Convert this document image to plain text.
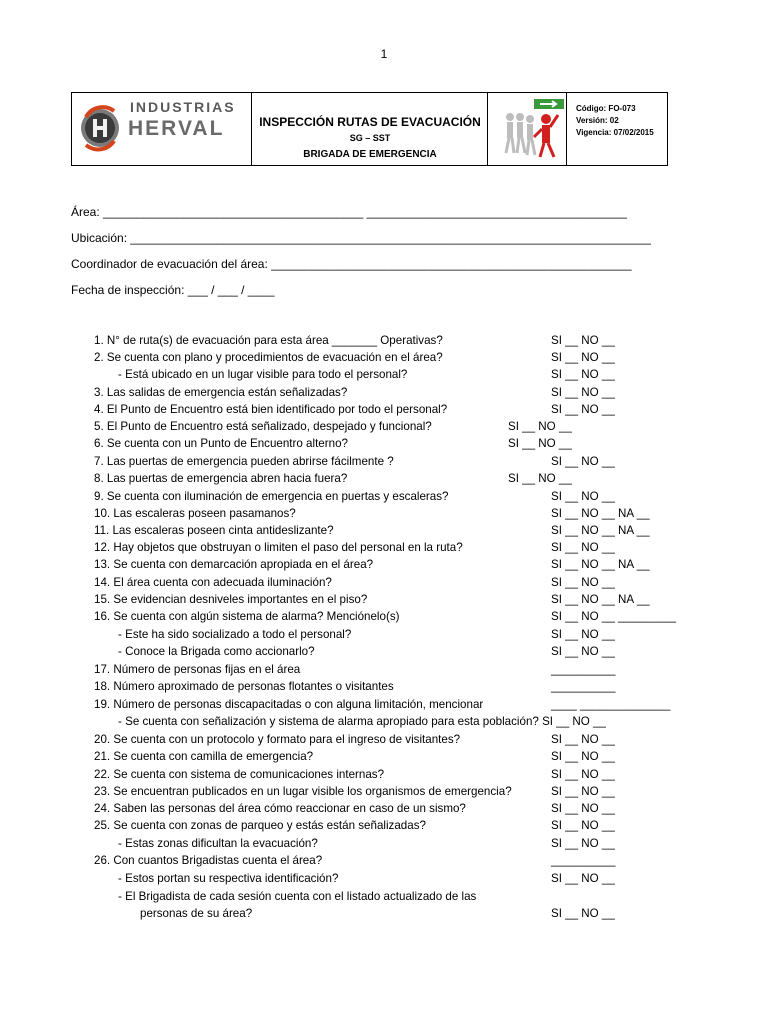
1
INDUSTRIAS
HERVAL	INSPECCIÓN RUTAS DE EVACUACIÓN
SG – SST
BRIGADA DE EMERGENCIA
Código: FO-073
Versión: 02
Vigencia: 07/02/2015
Área: _______________________________________ _______________________________________
Ubicación: ______________________________________________________________________________
Coordinador de evacuación del área: ______________________________________________________
Fecha de inspección: ___ / ___ / ____
1. N° de ruta(s) de evacuación para esta área _______ Operativas?	SI __ NO __
2. Se cuenta con plano y procedimientos de evacuación en el área?	SI __ NO __
- Está ubicado en un lugar visible para todo el personal?	SI __ NO __
3. Las salidas de emergencia están señalizadas?	SI __ NO __
4. El Punto de Encuentro está bien identificado por todo el personal?	SI __ NO __
5. El Punto de Encuentro está señalizado, despejado y funcional?	SI __ NO __
6. Se cuenta con un Punto de Encuentro alterno?	SI __ NO __
7. Las puertas de emergencia pueden abrirse fácilmente ?	SI __ NO __
8. Las puertas de emergencia abren hacia fuera?	SI __ NO __
9. Se cuenta con iluminación de emergencia en puertas y escaleras?	SI __ NO __
10. Las escaleras poseen pasamanos?	SI __ NO __ NA __
11. Las escaleras poseen cinta antideslizante?	SI __ NO __ NA __
12. Hay objetos que obstruyan o limiten el paso del personal en la ruta?	SI __ NO __
13. Se cuenta con demarcación apropiada en el área?	SI __ NO __ NA __
14. El área cuenta con adecuada iluminación?	SI __ NO __
15. Se evidencian desniveles importantes en el piso?	SI __ NO __ NA __
16. Se cuenta con algún sistema de alarma? Menciónelo(s)	SI __ NO __ _________
- Este ha sido socializado a todo el personal?	SI __ NO __
- Conoce la Brigada como accionarlo?	SI __ NO __
17. Número de personas fijas en el área	__________
18. Número aproximado de personas flotantes o visitantes	__________
19. Número de personas discapacitadas o con alguna limitación, mencionar	____ ______________
- Se cuenta con señalización y sistema de alarma apropiado para esta población? SI __ NO __
20. Se cuenta con un protocolo y formato para el ingreso de visitantes?	SI __ NO __
21. Se cuenta con camilla de emergencia?	SI __ NO __
22. Se cuenta con sistema de comunicaciones internas?	SI __ NO __
23. Se encuentran publicados en un lugar visible los organismos de emergencia?	SI __ NO __
24. Saben las personas del área cómo reaccionar en caso de un sismo?	SI __ NO __
25. Se cuenta con zonas de parqueo y estás están señalizadas?	SI __ NO __
- Estas zonas dificultan la evacuación?	SI __ NO __
26. Con cuantos Brigadistas cuenta el área?	__________
- Estos portan su respectiva identificación?	SI __ NO __
- El Brigadista de cada sesión cuenta con el listado actualizado de las
personas de su área?	SI __ NO __
